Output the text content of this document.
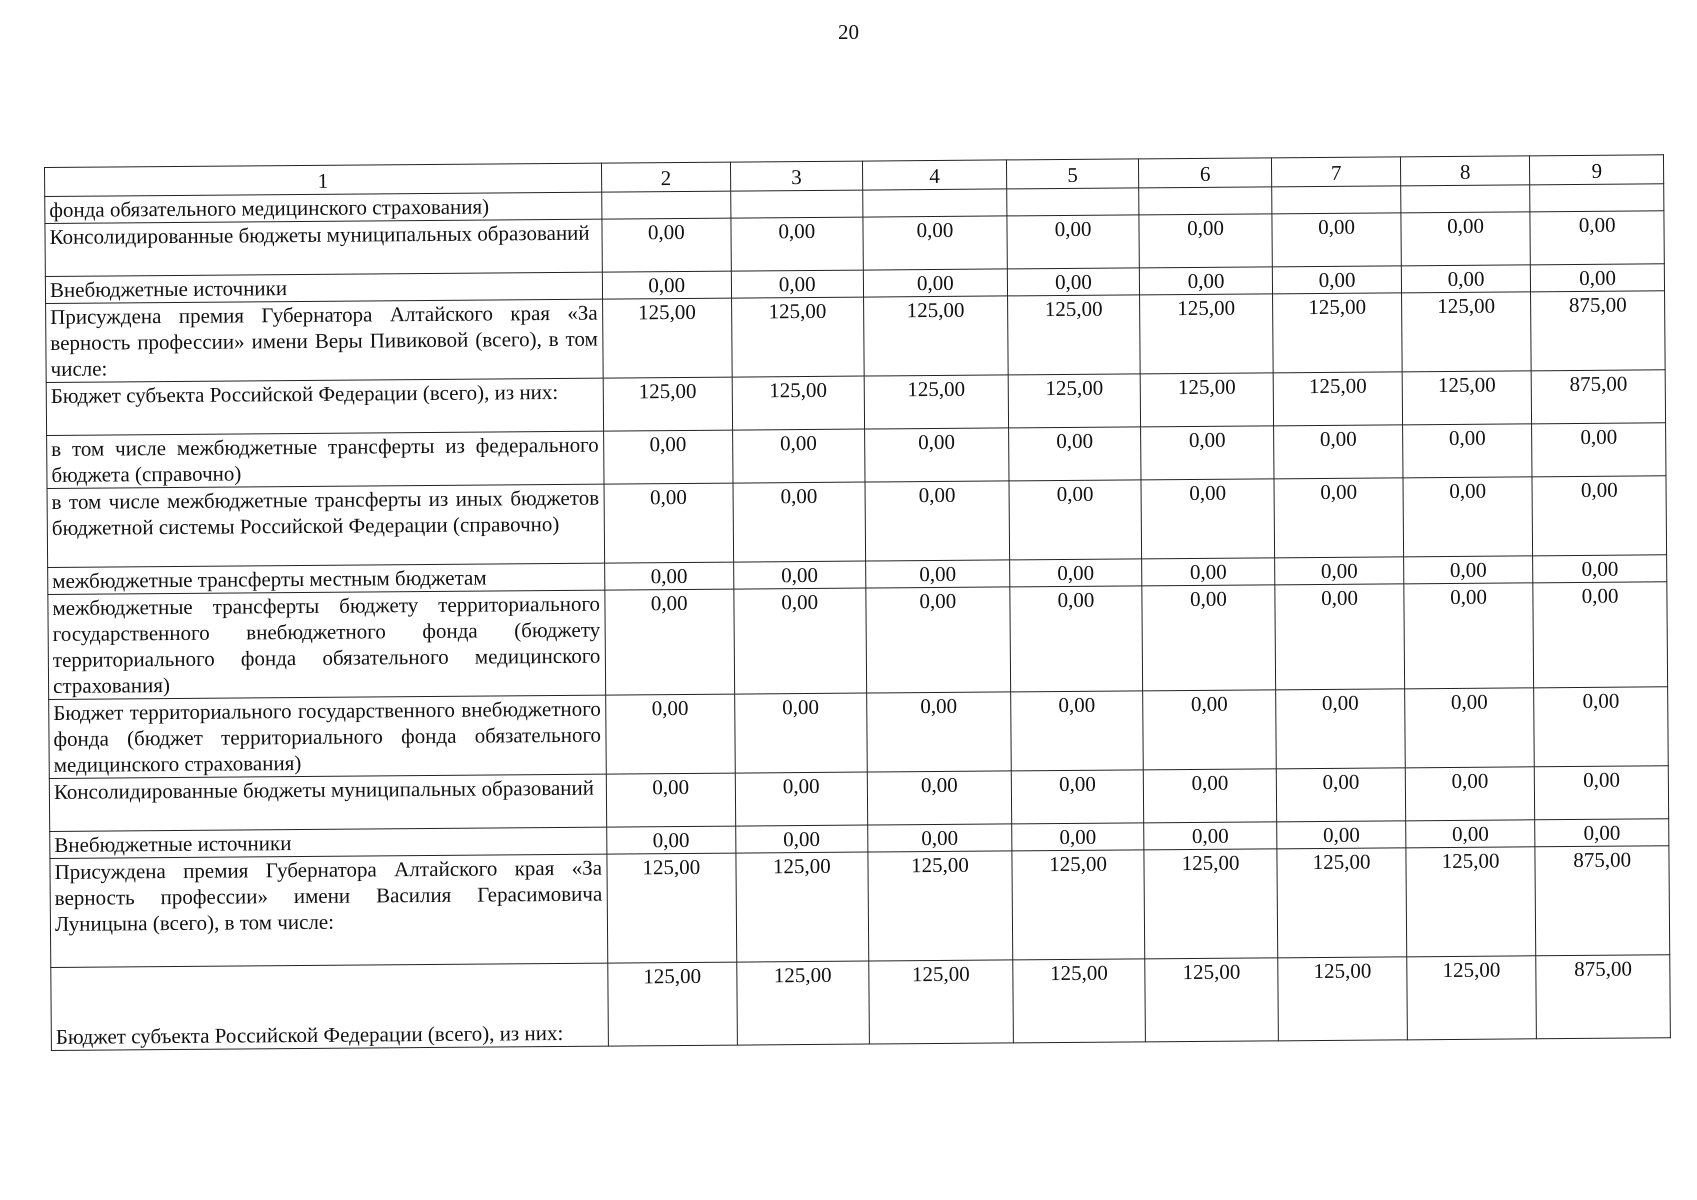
20
1	2	3	4	5	6	7	8	9
фонда обязательного медицинского страхования)								
Консолидированные бюджеты муниципальных образований	0,00	0,00	0,00	0,00	0,00	0,00	0,00	0,00
Внебюджетные источники	0,00	0,00	0,00	0,00	0,00	0,00	0,00	0,00
Присуждена премия Губернатора Алтайского края «За верность профессии» имени Веры Пивиковой (всего), в том числе:	125,00	125,00	125,00	125,00	125,00	125,00	125,00	875,00
Бюджет субъекта Российской Федерации (всего), из них:	125,00	125,00	125,00	125,00	125,00	125,00	125,00	875,00
в том числе межбюджетные трансферты из федерального бюджета (справочно)	0,00	0,00	0,00	0,00	0,00	0,00	0,00	0,00
в том числе межбюджетные трансферты из иных бюджетов бюджетной системы Российской Федерации (справочно)	0,00	0,00	0,00	0,00	0,00	0,00	0,00	0,00
межбюджетные трансферты местным бюджетам	0,00	0,00	0,00	0,00	0,00	0,00	0,00	0,00
межбюджетные трансферты бюджету территориального государственного внебюджетного фонда (бюджету территориального фонда обязательного медицинского страхования)	0,00	0,00	0,00	0,00	0,00	0,00	0,00	0,00
Бюджет территориального государственного внебюджетного фонда (бюджет территориального фонда обязательного медицинского страхования)	0,00	0,00	0,00	0,00	0,00	0,00	0,00	0,00
Консолидированные бюджеты муниципальных образований	0,00	0,00	0,00	0,00	0,00	0,00	0,00	0,00
Внебюджетные источники	0,00	0,00	0,00	0,00	0,00	0,00	0,00	0,00
Присуждена премия Губернатора Алтайского края «За верность профессии» имени Василия Герасимовича Луницына (всего), в том числе:	125,00	125,00	125,00	125,00	125,00	125,00	125,00	875,00
Бюджет субъекта Российской Федерации (всего), из них:	125,00	125,00	125,00	125,00	125,00	125,00	125,00	875,00
